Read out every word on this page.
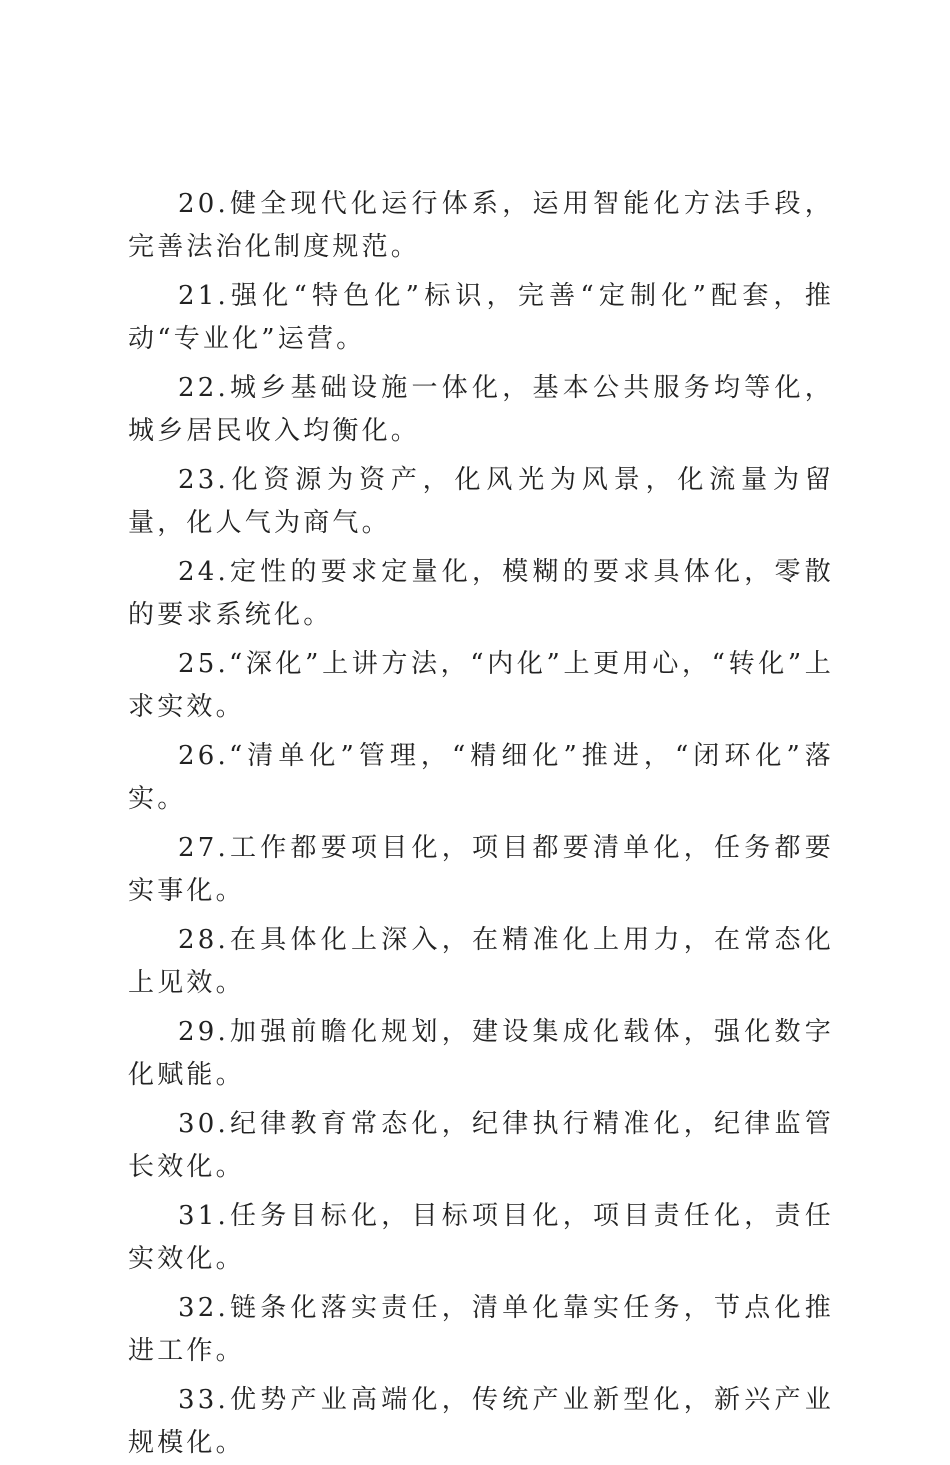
20.健全现代化运行体系，运用智能化方法手段，完善法治化制度规范。

21.强化“特色化”标识，完善“定制化”配套，推动“专业化”运营。

22.城乡基础设施一体化，基本公共服务均等化，城乡居民收入均衡化。

23.化资源为资产，化风光为风景，化流量为留量，化人气为商气。

24.定性的要求定量化，模糊的要求具体化，零散的要求系统化。

25.“深化”上讲方法，“内化”上更用心，“转化”上求实效。

26.“清单化”管理，“精细化”推进，“闭环化”落实。

27.工作都要项目化，项目都要清单化，任务都要实事化。

28.在具体化上深入，在精准化上用力，在常态化上见效。

29.加强前瞻化规划，建设集成化载体，强化数字化赋能。

30.纪律教育常态化，纪律执行精准化，纪律监管长效化。

31.任务目标化，目标项目化，项目责任化，责任实效化。

32.链条化落实责任，清单化靠实任务，节点化推进工作。

33.优势产业高端化，传统产业新型化，新兴产业规模化。
